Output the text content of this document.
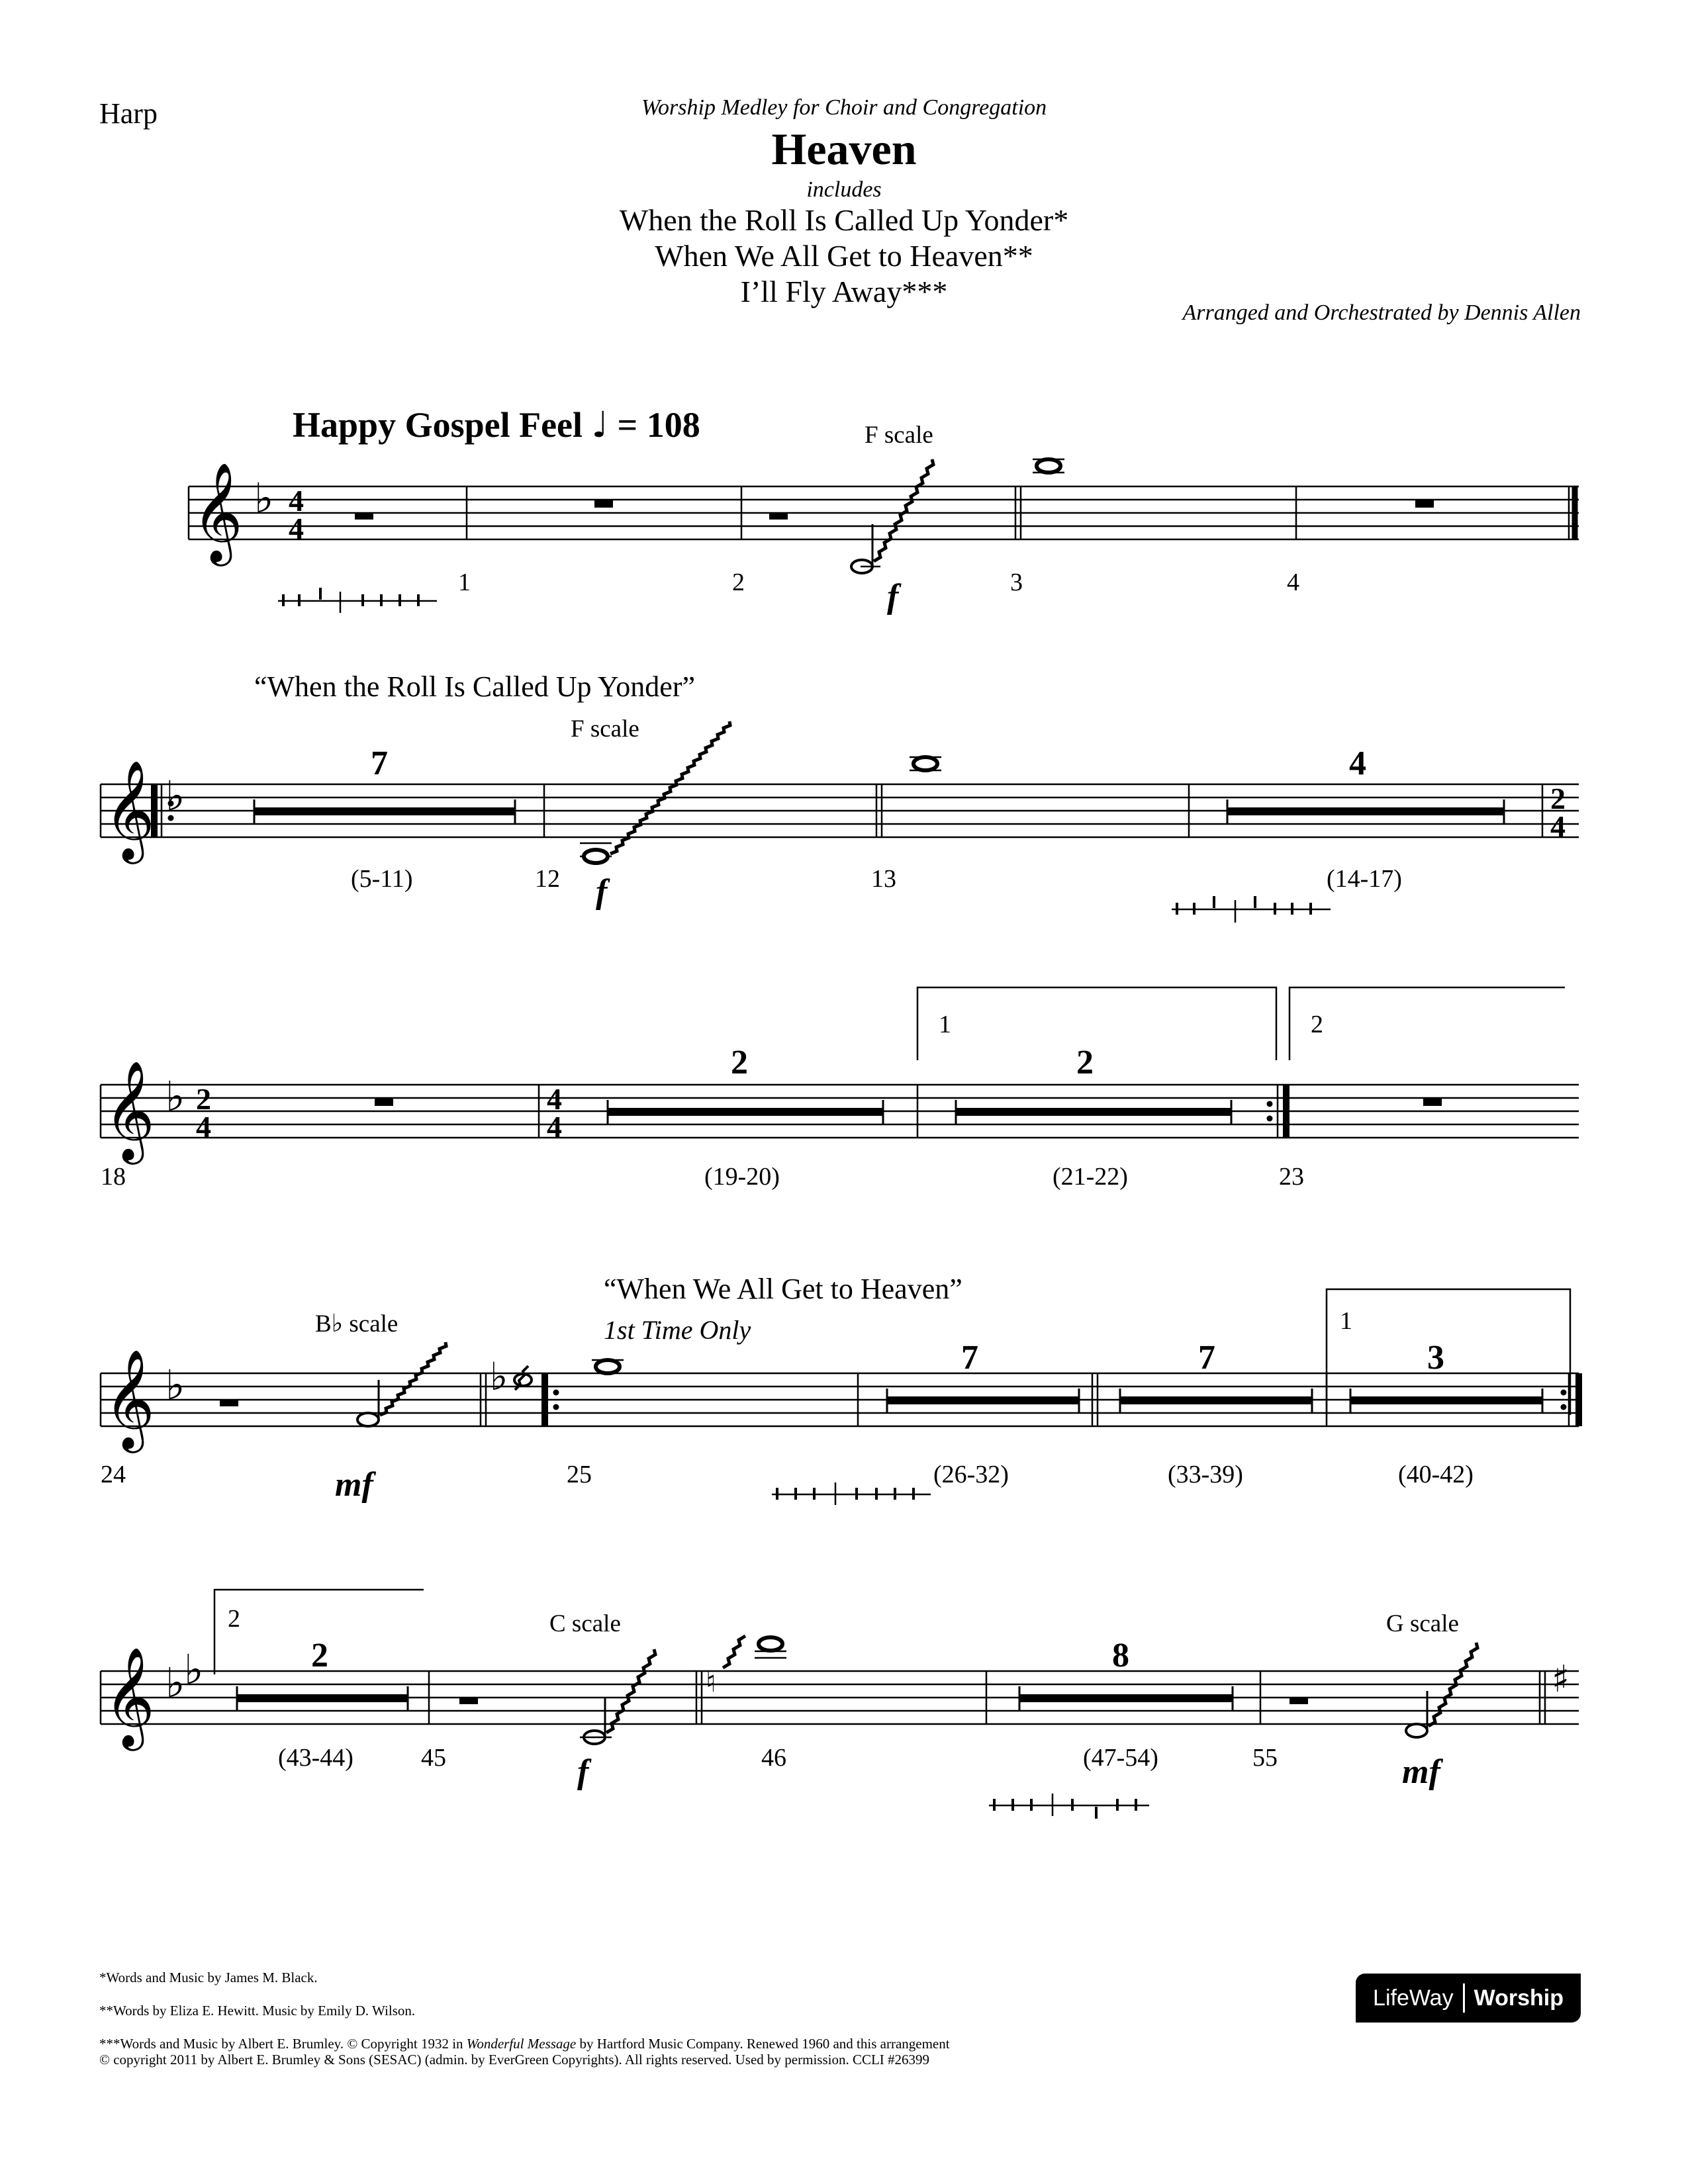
Harp	Worship Medley for Choir and Congregation
Heaven
includes
When the Roll Is Called Up Yonder*
When We All Get to Heaven**
I’ll Fly Away***
Arranged and Orchestrated by Dennis Allen
Happy Gospel Feel ♩ = 108	F scale
𝄞 ♭ 4
4
1	2	3	4
f
“When the Roll Is Called Up Yonder”
F scale
7	4
𝄞 ♭	2
4
(5-11)	12	13	(14-17)
f
1	2
2	2
𝄞 ♭ 2
4
4
4
18	(19-20)	(21-22)	23
“When We All Get to Heaven”
1st Time Only
B♭ scale	1
7	7	3
𝄞 ♭	♭
24	25	(26-32)	(33-39)	(40-42)
mf
2	C scale	G scale
2	8
𝄞 ♭
♭	♮	♯
(43-44)	45	46	(47-54)	55
f	mf
*Words and Music by James M. Black.
**Words by Eliza E. Hewitt. Music by Emily D. Wilson.
***Words and Music by Albert E. Brumley. © Copyright 1932 in Wonderful Message by Hartford Music Company. Renewed 1960 and this arrangement
© copyright 2011 by Albert E. Brumley & Sons (SESAC) (admin. by EverGreen Copyrights). All rights reserved. Used by permission. CCLI #26399
LifeWay Worship
